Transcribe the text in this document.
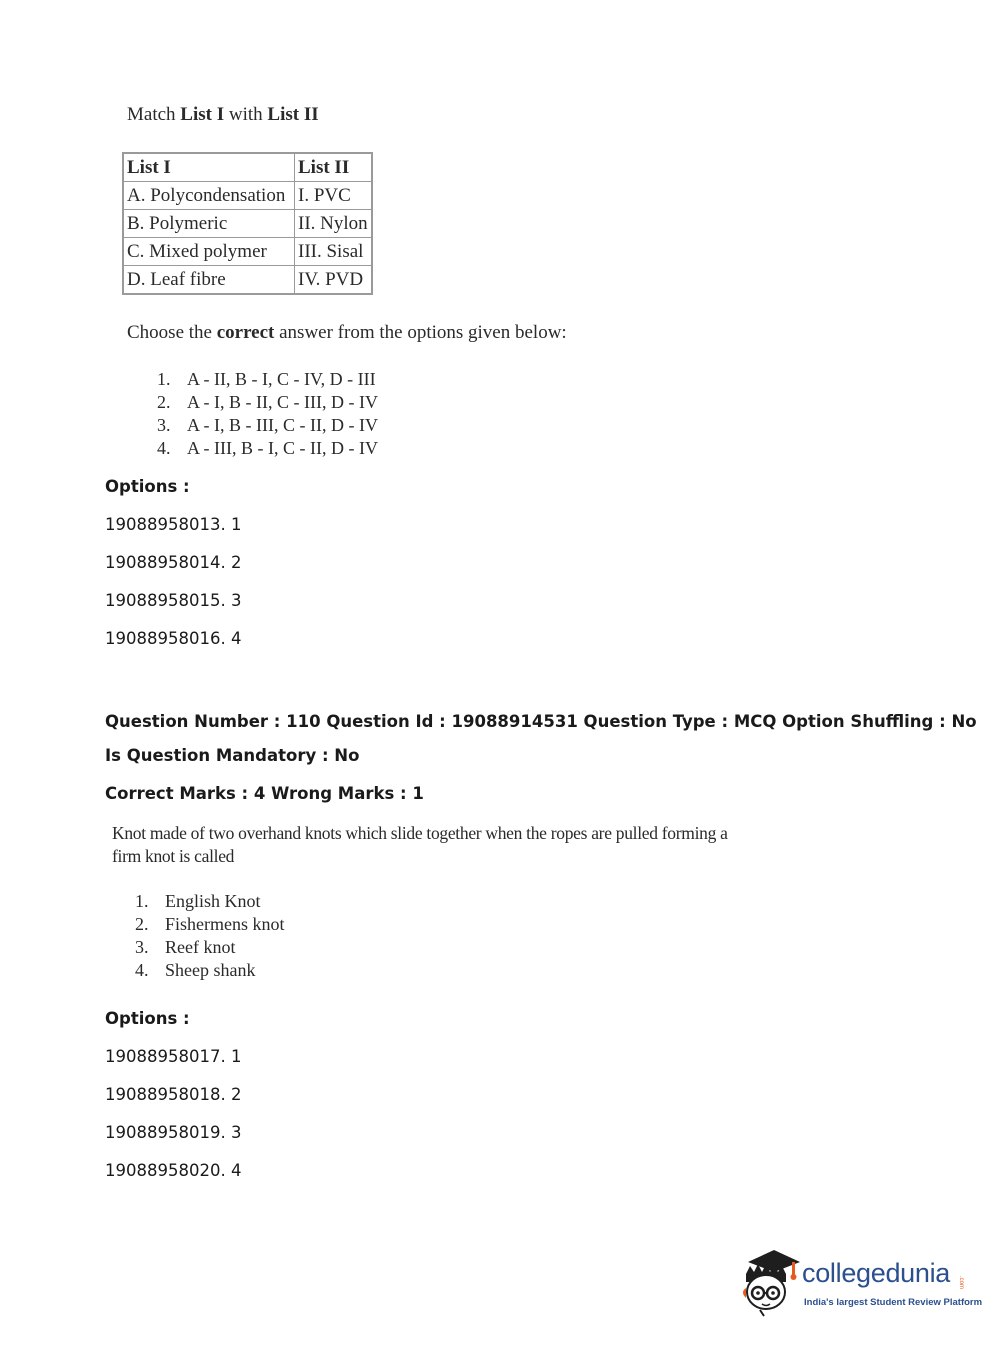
Match List I with List II
List I	List II
A. Polycondensation	I. PVC
B. Polymeric	II. Nylon
C. Mixed polymer	III. Sisal
D. Leaf fibre	IV. PVD
Choose the correct answer from the options given below:
1. A - II, B - I, C - IV, D - III
2. A - I, B - II, C - III, D - IV
3. A - I, B - III, C - II, D - IV
4. A - III, B - I, C - II, D - IV
Options :
19088958013. 1
19088958014. 2
19088958015. 3
19088958016. 4
Question Number : 110 Question Id : 19088914531 Question Type : MCQ Option Shuffling : No
Is Question Mandatory : No
Correct Marks : 4 Wrong Marks : 1
Knot made of two overhand knots which slide together when the ropes are pulled forming a firm knot is called
1. English Knot
2. Fishermens knot
3. Reef knot
4. Sheep shank
Options :
19088958017. 1
19088958018. 2
19088958019. 3
19088958020. 4
collegedunia .com
India's largest Student Review Platform
